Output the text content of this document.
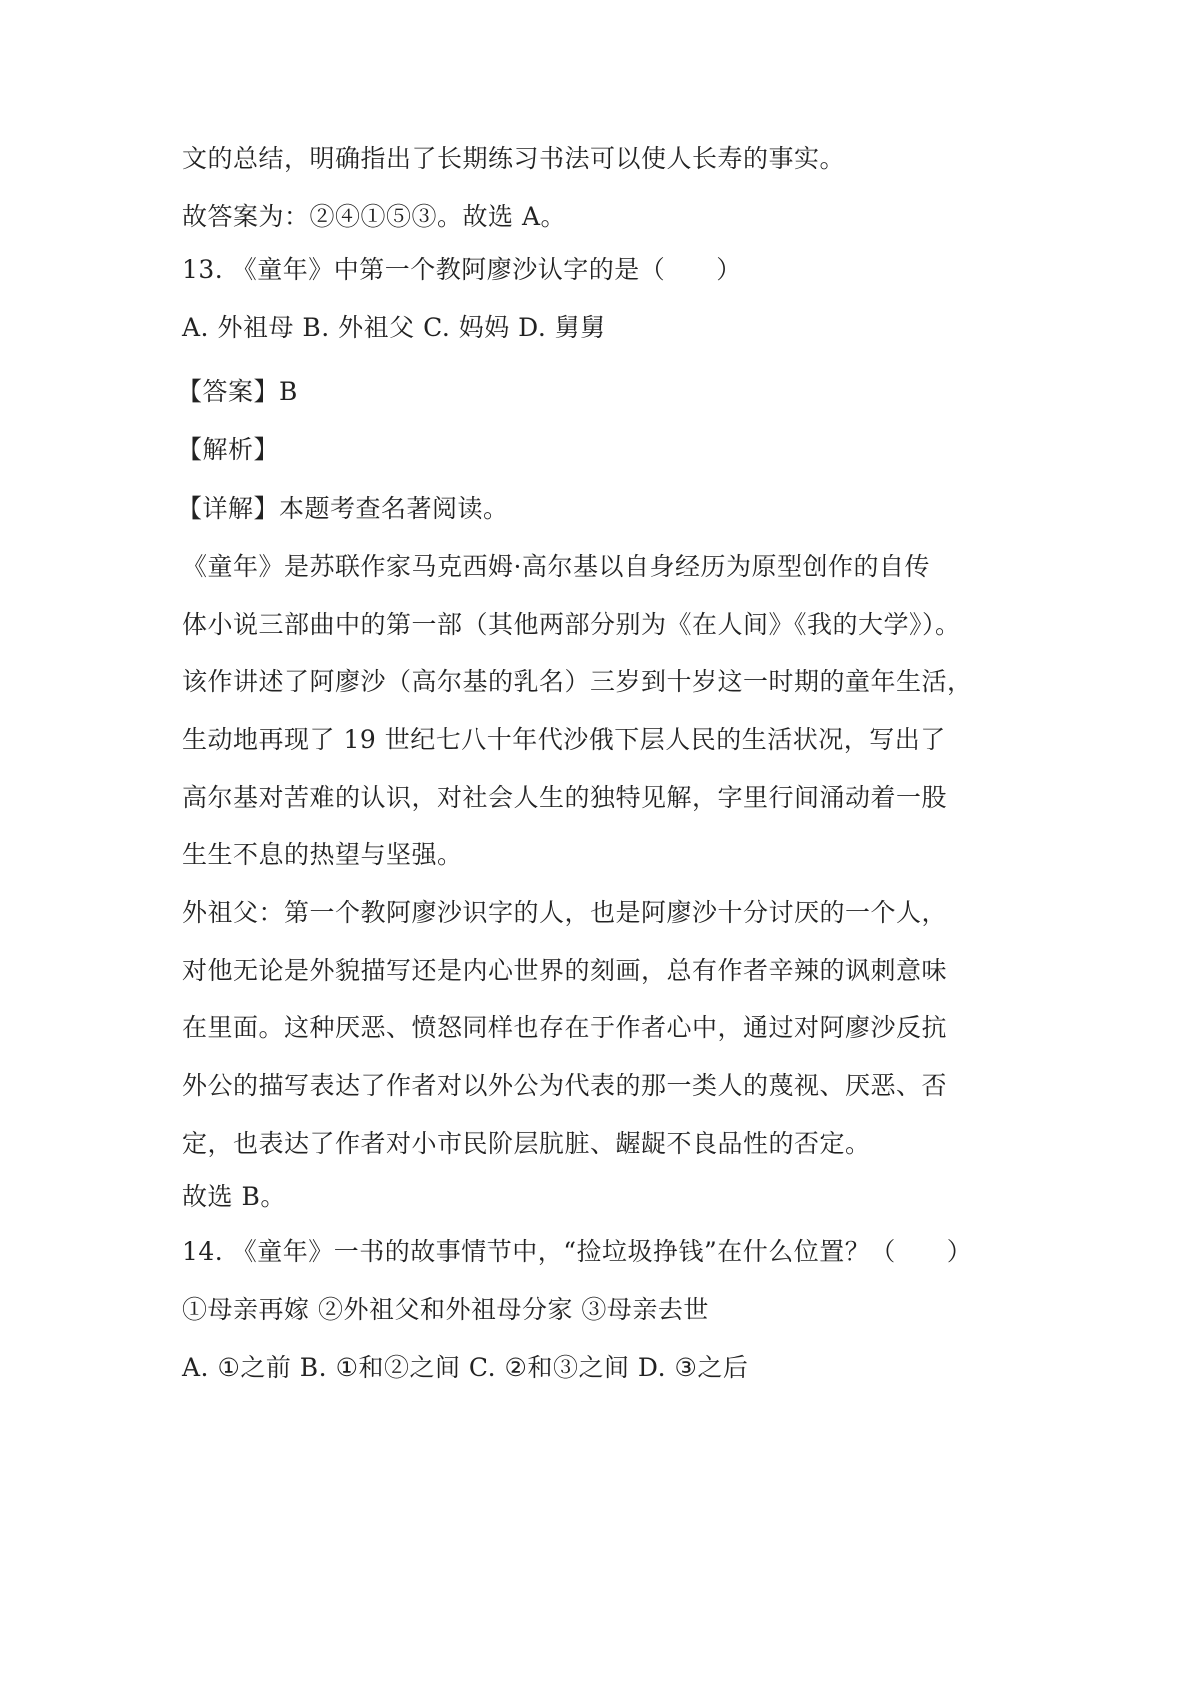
文的总结，明确指出了长期练习书法可以使人长寿的事实。

故答案为：②④①⑤③。故选 A。

13. 《童年》中第一个教阿廖沙认字的是（　　）

A. 外祖母 B. 外祖父 C. 妈妈 D. 舅舅

【答案】B

【解析】

【详解】本题考查名著阅读。

《童年》是苏联作家马克西姆·高尔基以自身经历为原型创作的自传

体小说三部曲中的第一部（其他两部分别为《在人间》《我的大学》）。

该作讲述了阿廖沙（高尔基的乳名）三岁到十岁这一时期的童年生活，

生动地再现了 19 世纪七八十年代沙俄下层人民的生活状况，写出了

高尔基对苦难的认识，对社会人生的独特见解，字里行间涌动着一股

生生不息的热望与坚强。

外祖父：第一个教阿廖沙识字的人，也是阿廖沙十分讨厌的一个人，

对他无论是外貌描写还是内心世界的刻画，总有作者辛辣的讽刺意味

在里面。这种厌恶、愤怒同样也存在于作者心中，通过对阿廖沙反抗

外公的描写表达了作者对以外公为代表的那一类人的蔑视、厌恶、否

定，也表达了作者对小市民阶层肮脏、龌龊不良品性的否定。

故选 B。

14. 《童年》一书的故事情节中，“捡垃圾挣钱”在什么位置？（　　）

①母亲再嫁 ②外祖父和外祖母分家 ③母亲去世

A. ①之前 B. ①和②之间 C. ②和③之间 D. ③之后
